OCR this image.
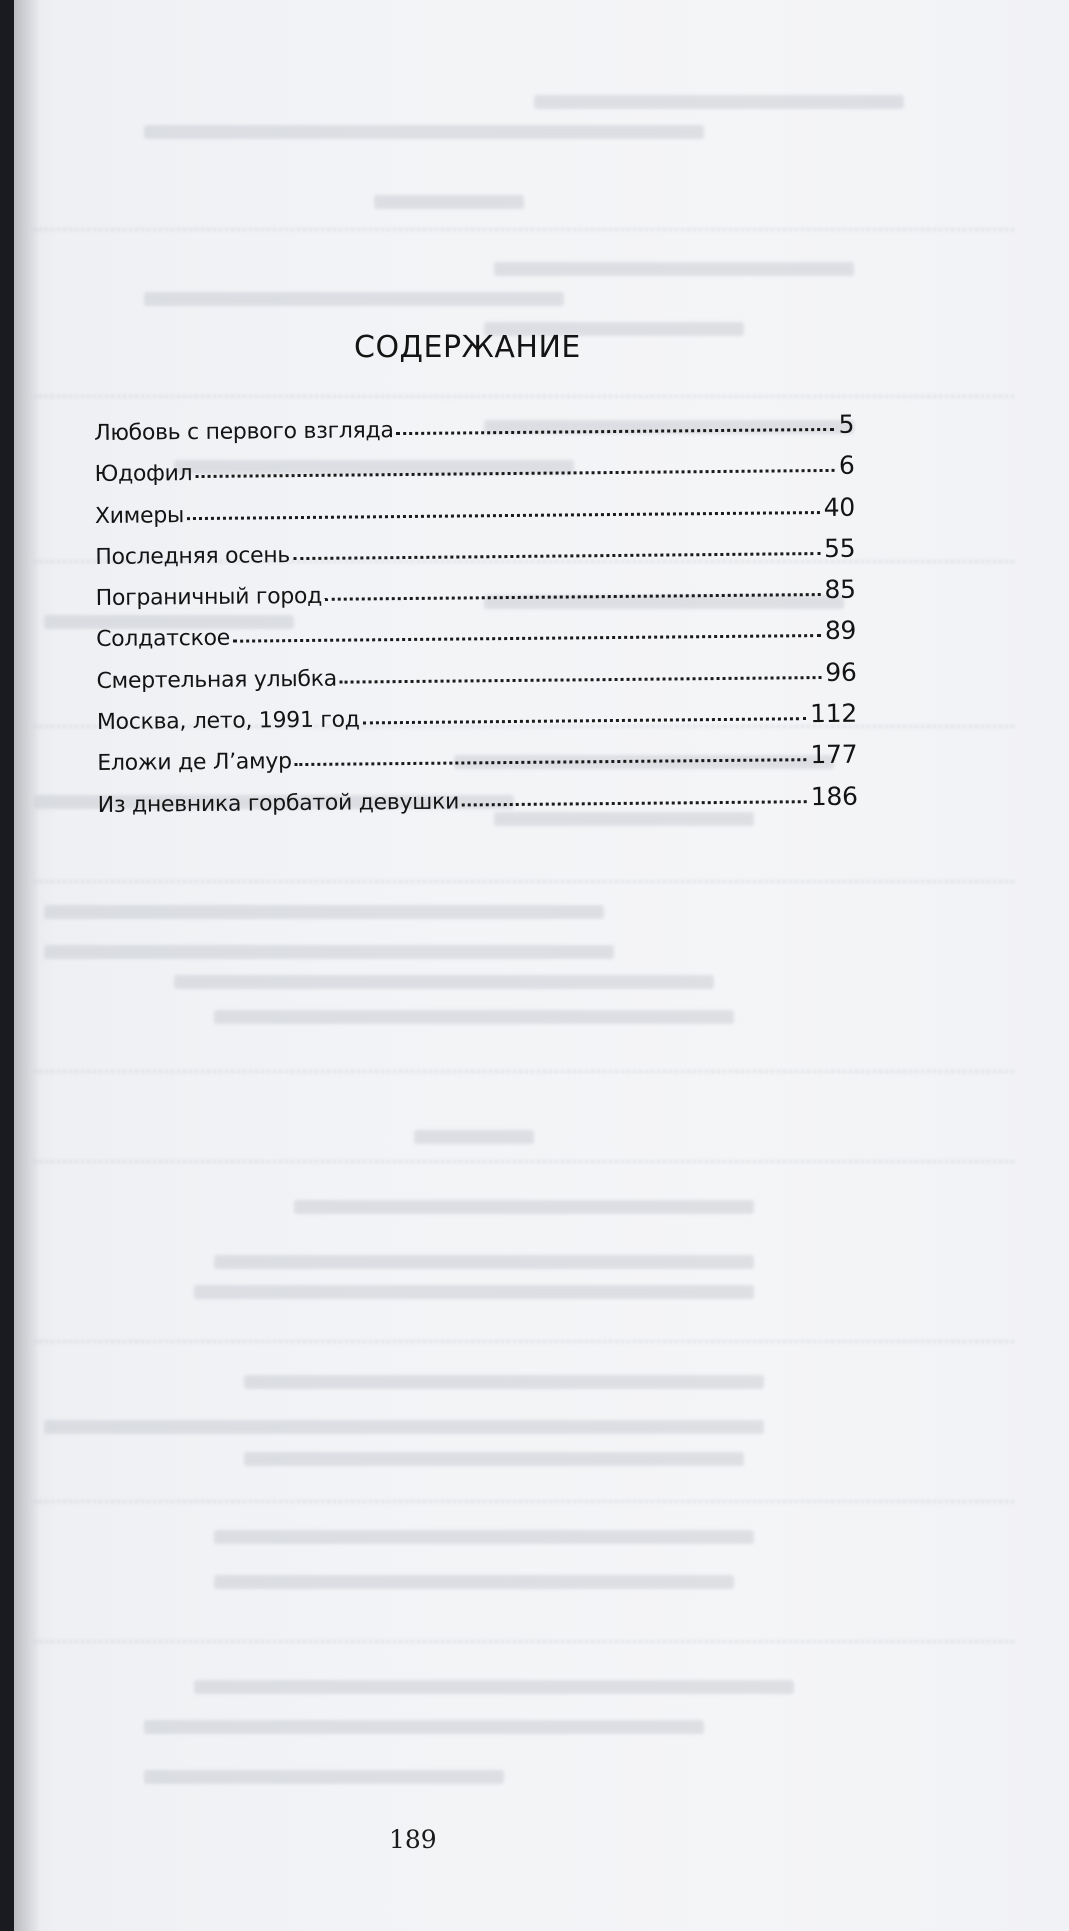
СОДЕРЖАНИЕ
Любовь с первого взгляда	5
Юдофил	6
Химеры	40
Последняя осень	55
Пограничный город	85
Солдатское	89
Смертельная улыбка	96
Москва, лето, 1991 год	112
Еложи де Л’амур	177
Из дневника горбатой девушки	186
189
